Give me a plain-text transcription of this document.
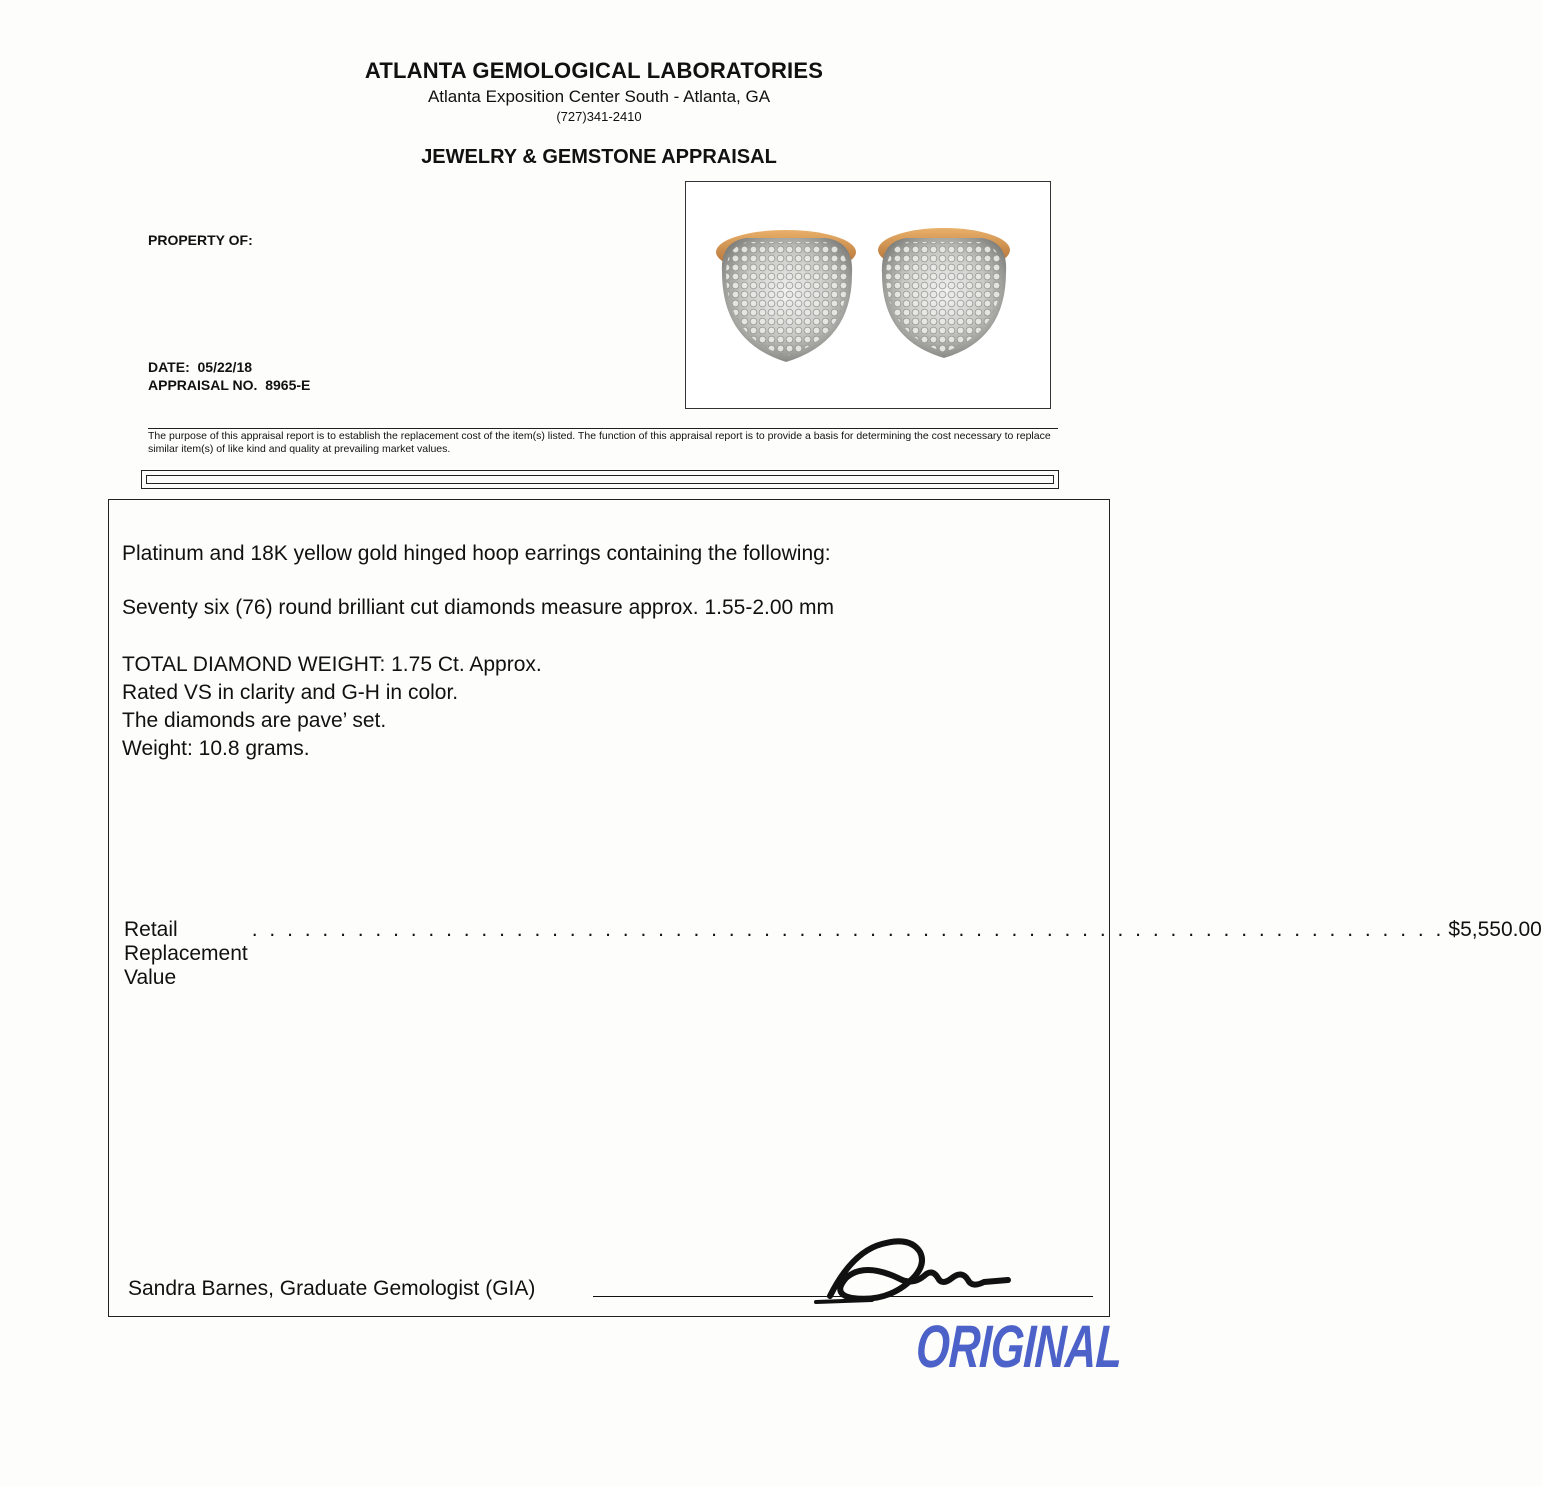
ATLANTA GEMOLOGICAL LABORATORIES
Atlanta Exposition Center South - Atlanta, GA
(727)341-2410
JEWELRY & GEMSTONE APPRAISAL
PROPERTY OF:
DATE: 05/22/18
APPRAISAL NO. 8965-E
The purpose of this appraisal report is to establish the replacement cost of the item(s) listed. The function of this appraisal report is to provide a basis for determining the cost necessary to replace similar item(s) of like kind and quality at prevailing market values.
Platinum and 18K yellow gold hinged hoop earrings containing the following:
Seventy six (76) round brilliant cut diamonds measure approx. 1.55-2.00 mm
TOTAL DIAMOND WEIGHT: 1.75 Ct. Approx.
Rated VS in clarity and G-H in color.
The diamonds are pave’ set.
Weight: 10.8 grams.
Retail Replacement Value
. . . . . . . . . . . . . . . . . . . . . . . . . . . . . . . . . . . . . . . . . . . . . . . . . . . . . . . . . . . . . . . . . . . . $5,550.00
Sandra Barnes, Graduate Gemologist (GIA)
ORIGINAL
